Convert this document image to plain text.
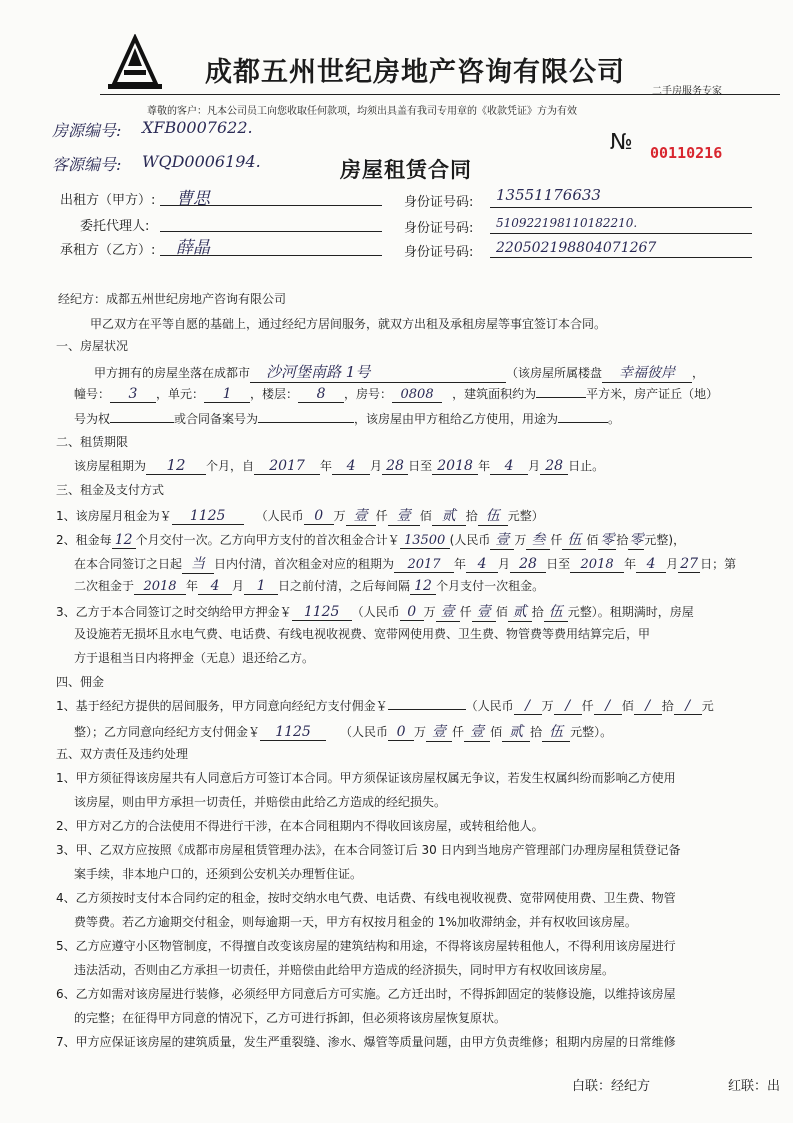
成都五州世纪房地产咨询有限公司
二手房服务专家
尊敬的客户：凡本公司员工向您收取任何款项，均须出具盖有我司专用章的《收款凭证》方为有效
房源编号: XFB0007622.
客源编号: WQD0006194.
№ 00110216
房屋租赁合同
出租方（甲方）: 曹思	身份证号码: 13551176633
委托代理人:	身份证号码: 510922198110182210.
承租方（乙方）: 薛晶	身份证号码: 220502198804071267
经纪方：成都五州世纪房地产咨询有限公司
甲乙双方在平等自愿的基础上，通过经纪方居间服务，就双方出租及承租房屋等事宜签订本合同。
一、房屋状况
甲方拥有的房屋坐落在成都市 沙河堡南路 1号	（该房屋所属楼盘 幸福彼岸 ，
幢号： 3 ，单元： 1 ，楼层： 8 ，房号： 0808 ，建筑面积约为	平方米，房产证丘（地）
号为权	或合同备案号为	，该房屋由甲方租给乙方使用，用途为	。
二、租赁期限
该房屋租期为 12 个月，自 2017 年 4 月 28 日至 2018 年 4 月 28 日止。
三、租金及支付方式
1、该房屋月租金为￥ 1125	（人民币 0 万 壹 仟 壹 佰 贰 拾 伍 元整）
2、租金每 12 个月交付一次。乙方向甲方支付的首次租金合计￥ 13500 (人民币 壹 万 叁 仟 伍 佰 零 拾零元整)，
在本合同签订之日起 当 日内付清，首次租金对应的租期为 2017 年 4 月 28 日至 2018 年 4 月 27 日；第
二次租金于 2018 年 4 月 1 日之前付清，之后每间隔 12 个月支付一次租金。
3、乙方于本合同签订之时交纳给甲方押金￥ 1125 （人民币 0 万 壹 仟 壹 佰 贰 拾 伍 元整）。租期满时，房屋
及设施若无损坏且水电气费、电话费、有线电视收视费、宽带网使用费、卫生费、物管费等费用结算完后，甲
方于退租当日内将押金（无息）退还给乙方。
四、佣金
1、基于经纪方提供的居间服务，甲方同意向经纪方支付佣金￥	（人民币 / 万 / 仟 / 佰 / 拾 / 元
整）；乙方同意向经纪方支付佣金￥ 1125 （人民币 0 万 壹 仟 壹 佰 贰 拾 伍 元整）。
五、双方责任及违约处理
1、甲方须征得该房屋共有人同意后方可签订本合同。甲方须保证该房屋权属无争议，若发生权属纠纷而影响乙方使用
该房屋，则由甲方承担一切责任，并赔偿由此给乙方造成的经纪损失。
2、甲方对乙方的合法使用不得进行干涉，在本合同租期内不得收回该房屋，或转租给他人。
3、甲、乙双方应按照《成都市房屋租赁管理办法》，在本合同签订后 30 日内到当地房产管理部门办理房屋租赁登记备
案手续，非本地户口的，还须到公安机关办理暂住证。
4、乙方须按时支付本合同约定的租金，按时交纳水电气费、电话费、有线电视收视费、宽带网使用费、卫生费、物管
费等费。若乙方逾期交付租金，则每逾期一天，甲方有权按月租金的 1%加收滞纳金，并有权收回该房屋。
5、乙方应遵守小区物管制度，不得擅自改变该房屋的建筑结构和用途，不得将该房屋转租他人，不得利用该房屋进行
违法活动，否则由乙方承担一切责任，并赔偿由此给甲方造成的经济损失，同时甲方有权收回该房屋。
6、乙方如需对该房屋进行装修，必须经甲方同意后方可实施。乙方迁出时，不得拆卸固定的装修设施，以维持该房屋
的完整；在征得甲方同意的情况下，乙方可进行拆卸，但必须将该房屋恢复原状。
7、甲方应保证该房屋的建筑质量，发生严重裂缝、渗水、爆管等质量问题，由甲方负责维修；租期内房屋的日常维修
白联：经纪方	红联：出
